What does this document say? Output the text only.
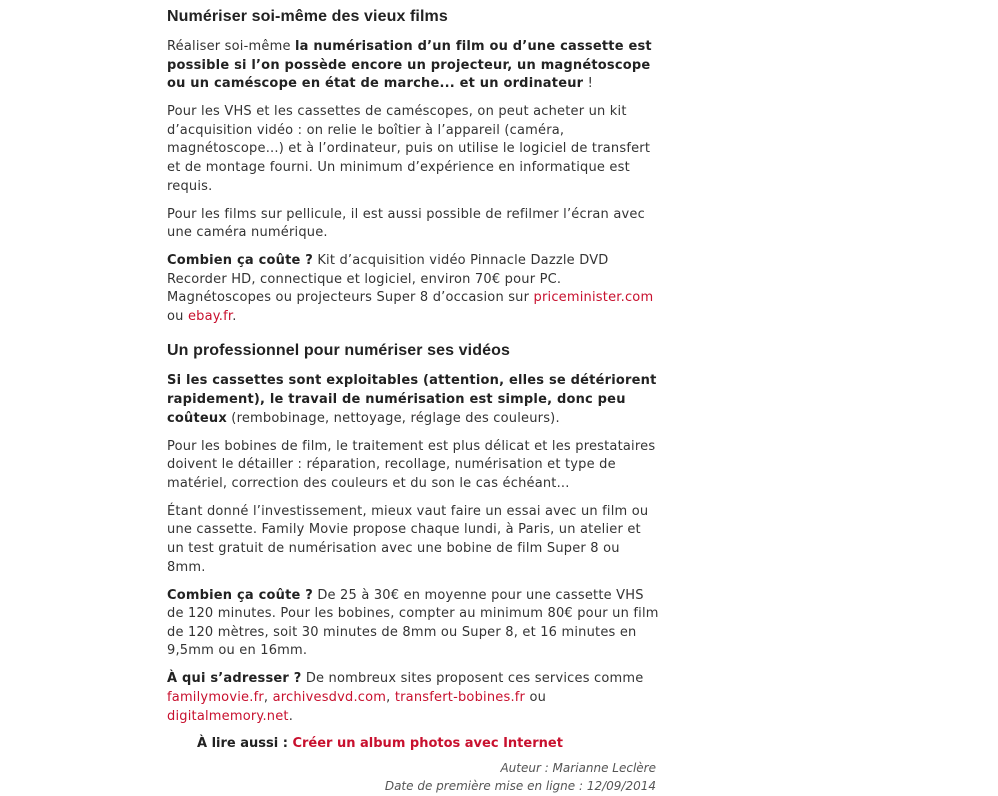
Numériser soi-même des vieux films

Réaliser soi-même la numérisation d’un film ou d’une cassette est possible si l’on possède encore un projecteur, un magnétoscope ou un caméscope en état de marche... et un ordinateur !

Pour les VHS et les cassettes de caméscopes, on peut acheter un kit d’acquisition vidéo : on relie le boîtier à l’appareil (caméra, magnétoscope...) et à l’ordinateur, puis on utilise le logiciel de transfert et de montage fourni. Un minimum d’expérience en informatique est requis.

Pour les films sur pellicule, il est aussi possible de refilmer l’écran avec une caméra numérique.

Combien ça coûte ? Kit d’acquisition vidéo Pinnacle Dazzle DVD Recorder HD, connectique et logiciel, environ 70€ pour PC. Magnétoscopes ou projecteurs Super 8 d’occasion sur priceminister.com ou ebay.fr.

Un professionnel pour numériser ses vidéos

Si les cassettes sont exploitables (attention, elles se détériorent rapidement), le travail de numérisation est simple, donc peu coûteux (rembobinage, nettoyage, réglage des couleurs).

Pour les bobines de film, le traitement est plus délicat et les prestataires doivent le détailler : réparation, recollage, numérisation et type de matériel, correction des couleurs et du son le cas échéant...

Étant donné l’investissement, mieux vaut faire un essai avec un film ou une cassette. Family Movie propose chaque lundi, à Paris, un atelier et un test gratuit de numérisation avec une bobine de film Super 8 ou 8mm.

Combien ça coûte ? De 25 à 30€ en moyenne pour une cassette VHS de 120 minutes. Pour les bobines, compter au minimum 80€ pour un film de 120 mètres, soit 30 minutes de 8mm ou Super 8, et 16 minutes en 9,5mm ou en 16mm.

À qui s’adresser ? De nombreux sites proposent ces services comme familymovie.fr, archivesdvd.com, transfert-bobines.fr ou digitalmemory.net.

À lire aussi : Créer un album photos avec Internet
Auteur : Marianne Leclère
Date de première mise en ligne : 12/09/2014
